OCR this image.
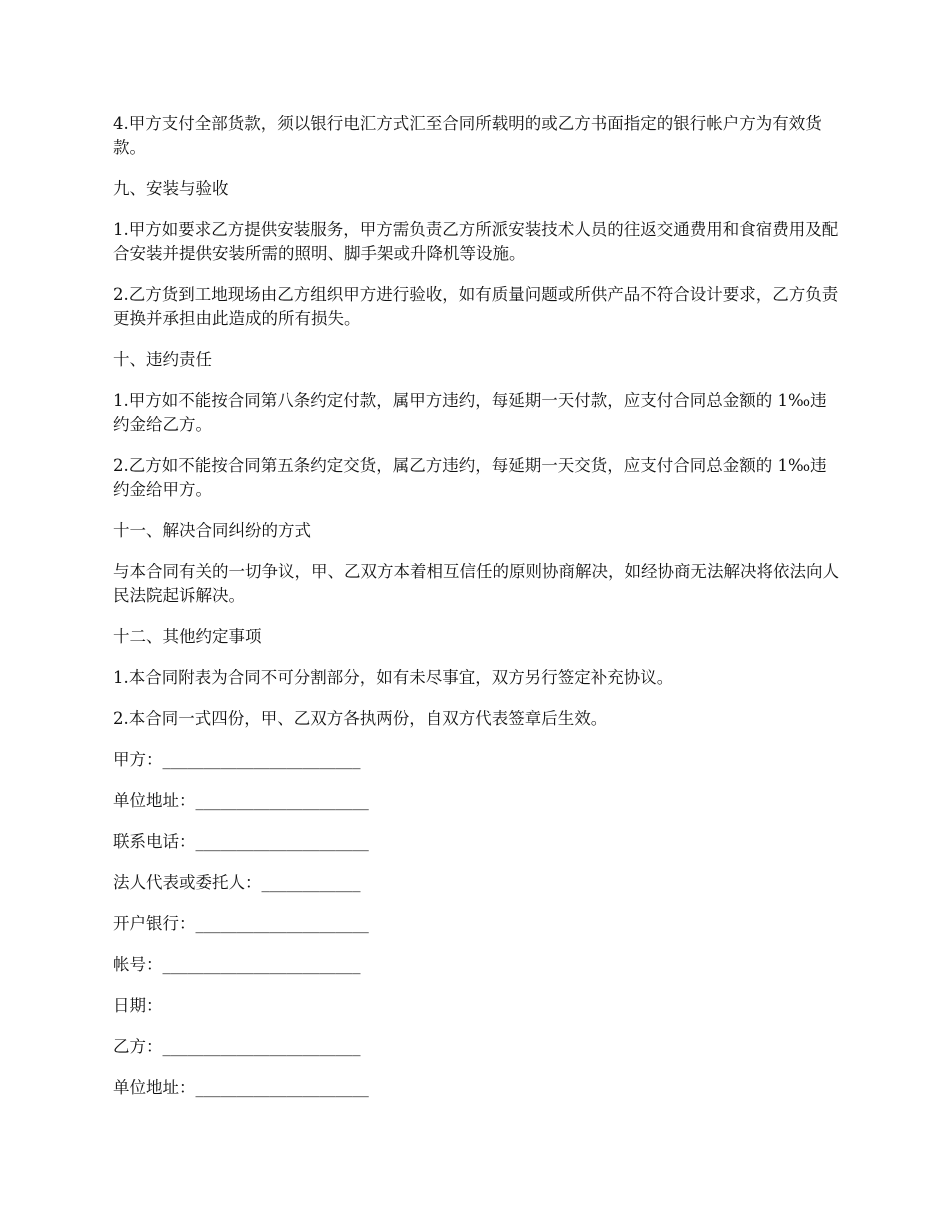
4.甲方支付全部货款，须以银行电汇方式汇至合同所载明的或乙方书面指定的银行帐户方为有效货款。

九、安装与验收

1.甲方如要求乙方提供安装服务，甲方需负责乙方所派安装技术人员的往返交通费用和食宿费用及配合安装并提供安装所需的照明、脚手架或升降机等设施。

2.乙方货到工地现场由乙方组织甲方进行验收，如有质量问题或所供产品不符合设计要求，乙方负责更换并承担由此造成的所有损失。

十、违约责任

1.甲方如不能按合同第八条约定付款，属甲方违约，每延期一天付款，应支付合同总金额的 1‰违约金给乙方。

2.乙方如不能按合同第五条约定交货，属乙方违约，每延期一天交货，应支付合同总金额的 1‰违约金给甲方。

十一、解决合同纠纷的方式

与本合同有关的一切争议，甲、乙双方本着相互信任的原则协商解决，如经协商无法解决将依法向人民法院起诉解决。

十二、其他约定事项

1.本合同附表为合同不可分割部分，如有未尽事宜，双方另行签定补充协议。

2.本合同一式四份，甲、乙双方各执两份，自双方代表签章后生效。

甲方：________________________

单位地址：_____________________

联系电话：_____________________

法人代表或委托人：____________

开户银行：_____________________

帐号：________________________

日期：

乙方：________________________

单位地址：_____________________
